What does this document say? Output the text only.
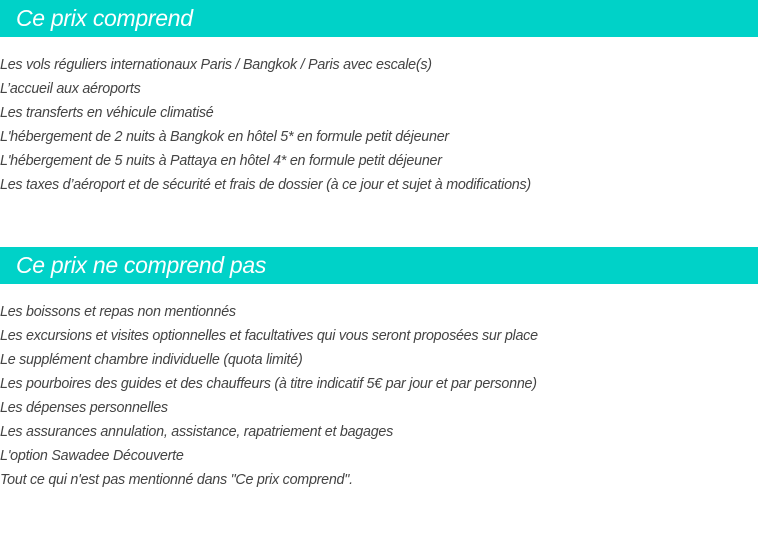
Ce prix comprend
Les vols réguliers internationaux Paris / Bangkok / Paris avec escale(s)
L’accueil aux aéroports
Les transferts en véhicule climatisé
L'hébergement de 2 nuits à Bangkok en hôtel 5* en formule petit déjeuner
L'hébergement de 5 nuits à Pattaya en hôtel 4* en formule petit déjeuner
Les taxes d’aéroport et de sécurité et frais de dossier (à ce jour et sujet à modifications)
Ce prix ne comprend pas
Les boissons et repas non mentionnés
Les excursions et visites optionnelles et facultatives qui vous seront proposées sur place
Le supplément chambre individuelle (quota limité)
Les pourboires des guides et des chauffeurs (à titre indicatif 5€ par jour et par personne)
Les dépenses personnelles
Les assurances annulation, assistance, rapatriement et bagages
L'option Sawadee Découverte
Tout ce qui n'est pas mentionné dans "Ce prix comprend".
